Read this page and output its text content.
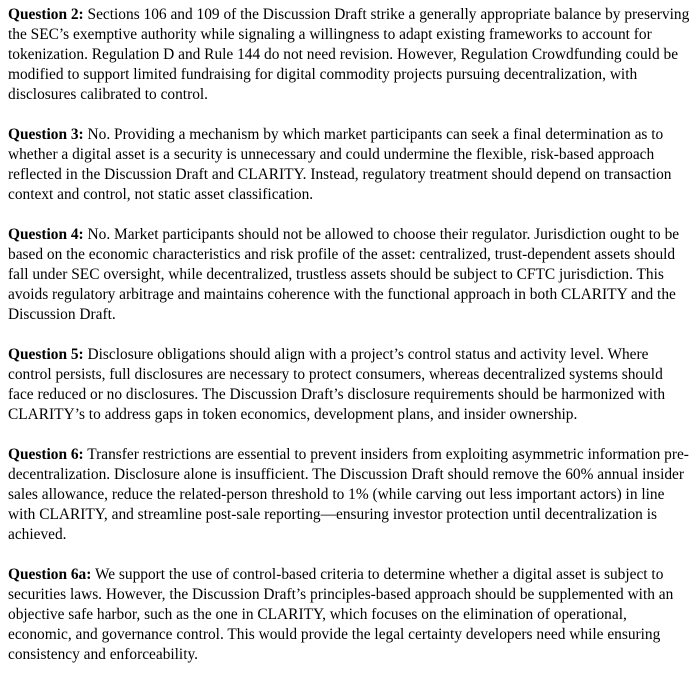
Question 2: Sections 106 and 109 of the Discussion Draft strike a generally appropriate balance by preserving the SEC’s exemptive authority while signaling a willingness to adapt existing frameworks to account for tokenization. Regulation D and Rule 144 do not need revision. However, Regulation Crowdfunding could be modified to support limited fundraising for digital commodity projects pursuing decentralization, with disclosures calibrated to control.

Question 3: No. Providing a mechanism by which market participants can seek a final determination as to whether a digital asset is a security is unnecessary and could undermine the flexible, risk-based approach reflected in the Discussion Draft and CLARITY. Instead, regulatory treatment should depend on transaction context and control, not static asset classification.

Question 4: No. Market participants should not be allowed to choose their regulator. Jurisdiction ought to be based on the economic characteristics and risk profile of the asset: centralized, trust-dependent assets should fall under SEC oversight, while decentralized, trustless assets should be subject to CFTC jurisdiction. This avoids regulatory arbitrage and maintains coherence with the functional approach in both CLARITY and the Discussion Draft.

Question 5: Disclosure obligations should align with a project’s control status and activity level. Where control persists, full disclosures are necessary to protect consumers, whereas decentralized systems should face reduced or no disclosures. The Discussion Draft’s disclosure requirements should be harmonized with CLARITY’s to address gaps in token economics, development plans, and insider ownership.

Question 6: Transfer restrictions are essential to prevent insiders from exploiting asymmetric information pre-decentralization. Disclosure alone is insufficient. The Discussion Draft should remove the 60% annual insider sales allowance, reduce the related-person threshold to 1% (while carving out less important actors) in line with CLARITY, and streamline post-sale reporting—ensuring investor protection until decentralization is achieved.

Question 6a: We support the use of control-based criteria to determine whether a digital asset is subject to securities laws. However, the Discussion Draft’s principles-based approach should be supplemented with an objective safe harbor, such as the one in CLARITY, which focuses on the elimination of operational, economic, and governance control. This would provide the legal certainty developers need while ensuring consistency and enforceability.
